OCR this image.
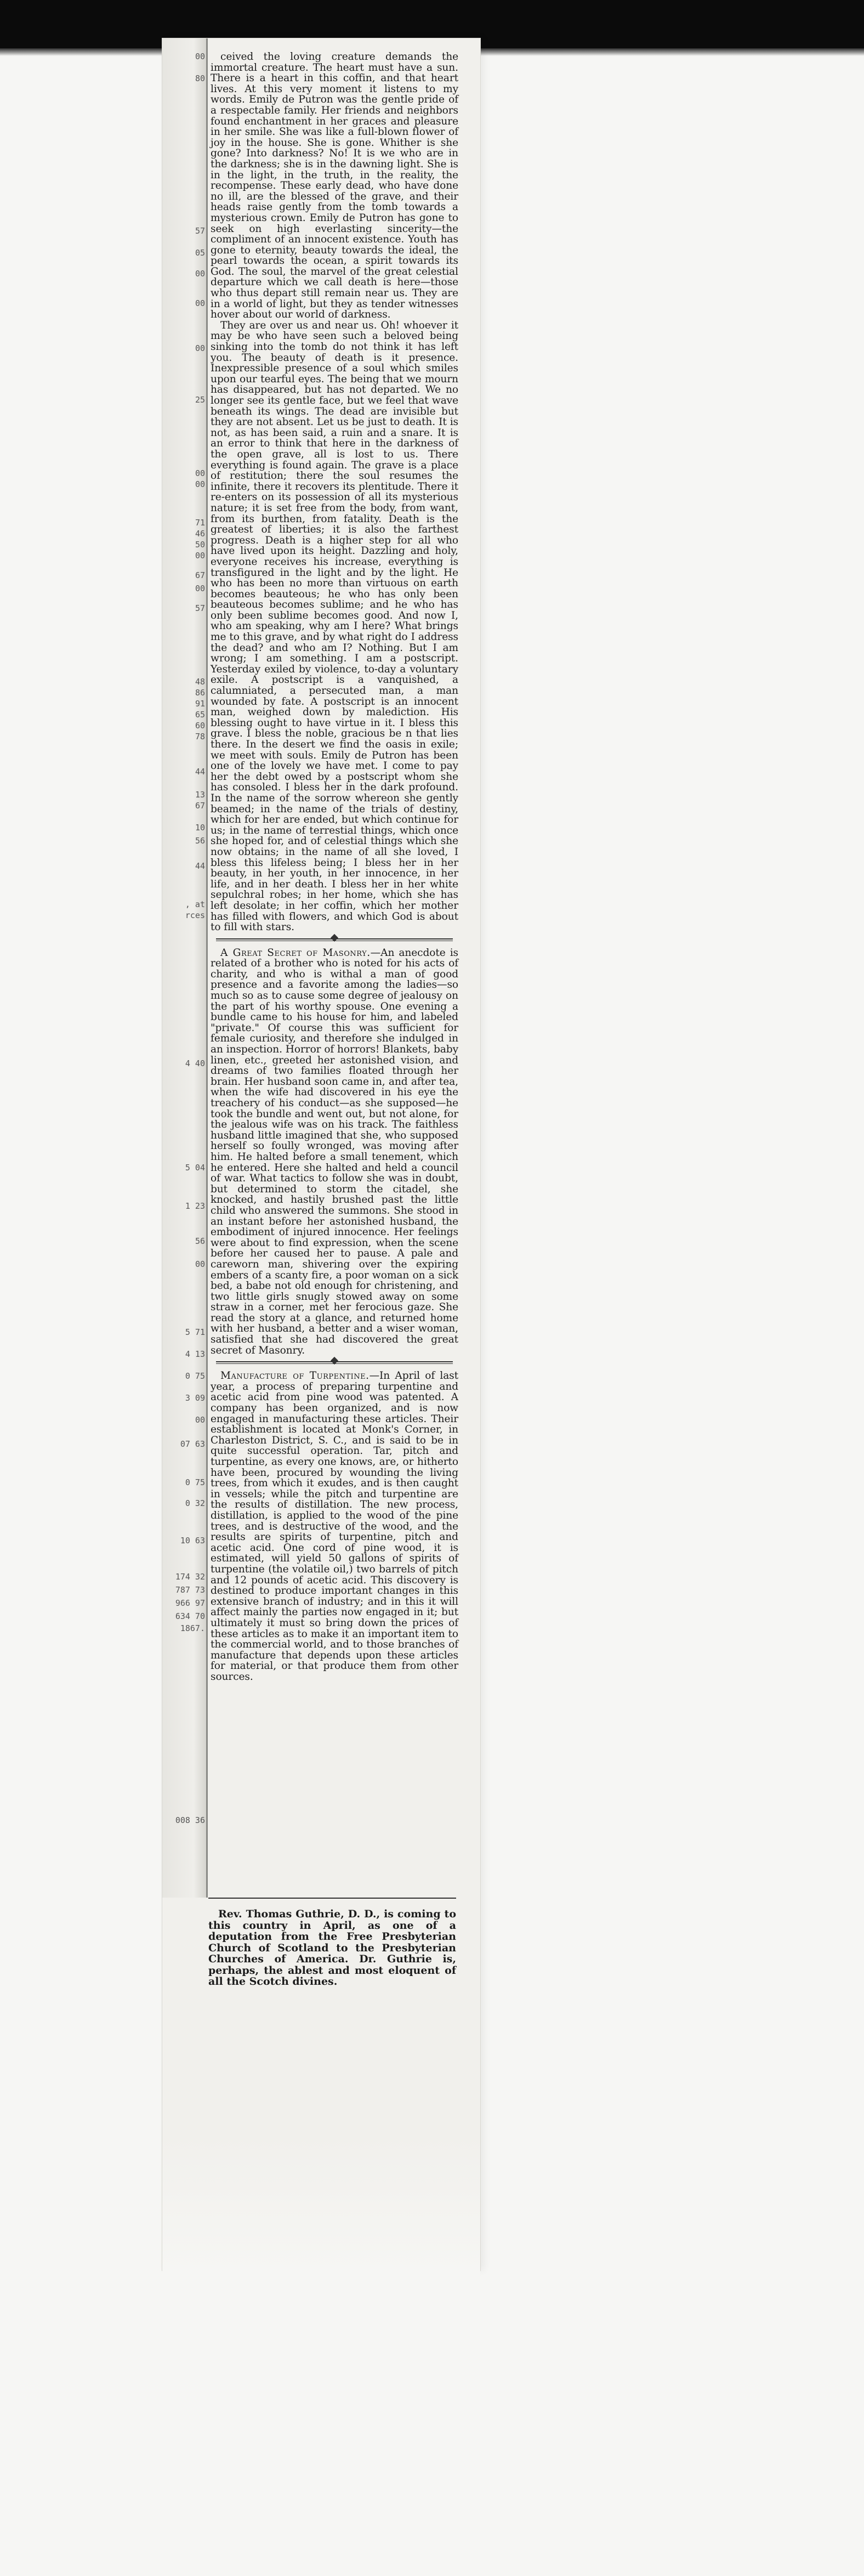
00
80
57
05
00
00
00
25
00
00
71
46
50
00
67
00
57
48
86
91
65
60
78
44
13
67
10
56
44
, at
rces
4 40
5 04
1 23
56
00
5 71
4 13
0 75
3 09
00
07 63
0 75
0 32
10 63
174 32
787 73
966 97
634 70
1867.
008 36

ceived the loving creature demands the immortal creature. The heart must have a sun. There is a heart in this coffin, and that heart lives. At this very moment it listens to my words. Emily de Putron was the gentle pride of a respectable family. Her friends and neighbors found enchantment in her graces and pleasure in her smile. She was like a full-blown flower of joy in the house. She is gone. Whither is she gone? Into darkness? No! It is we who are in the darkness; she is in the dawning light. She is in the light, in the truth, in the reality, the recompense. These early dead, who have done no ill, are the blessed of the grave, and their heads raise gently from the tomb towards a mysterious crown. Emily de Putron has gone to seek on high everlasting sincerity—the compliment of an innocent existence. Youth has gone to eternity, beauty towards the ideal, the pearl towards the ocean, a spirit towards its God. The soul, the marvel of the great celestial departure which we call death is here—those who thus depart still remain near us. They are in a world of light, but they as tender witnesses hover about our world of darkness.

They are over us and near us. Oh! whoever it may be who have seen such a beloved being sinking into the tomb do not think it has left you. The beauty of death is it presence. Inexpressible presence of a soul which smiles upon our tearful eyes. The being that we mourn has disappeared, but has not departed. We no longer see its gentle face, but we feel that wave beneath its wings. The dead are invisible but they are not absent. Let us be just to death. It is not, as has been said, a ruin and a snare. It is an error to think that here in the darkness of the open grave, all is lost to us. There everything is found again. The grave is a place of restitution; there the soul resumes the infinite, there it recovers its plentitude. There it re-enters on its possession of all its mysterious nature; it is set free from the body, from want, from its burthen, from fatality. Death is the greatest of liberties; it is also the farthest progress. Death is a higher step for all who have lived upon its height. Dazzling and holy, everyone receives his increase, everything is transfigured in the light and by the light. He who has been no more than virtuous on earth becomes beauteous; he who has only been beauteous becomes sublime; and he who has only been sublime becomes good. And now I, who am speaking, why am I here? What brings me to this grave, and by what right do I address the dead? and who am I? Nothing. But I am wrong; I am something. I am a postscript. Yesterday exiled by violence, to-day a voluntary exile. A postscript is a vanquished, a calumniated, a persecuted man, a man wounded by fate. A postscript is an innocent man, weighed down by malediction. His blessing ought to have virtue in it. I bless this grave. I bless the noble, gracious be n that lies there. In the desert we find the oasis in exile; we meet with souls. Emily de Putron has been one of the lovely we have met. I come to pay her the debt owed by a postscript whom she has consoled. I bless her in the dark profound. In the name of the sorrow whereon she gently beamed; in the name of the trials of destiny, which for her are ended, but which continue for us; in the name of terrestial things, which once she hoped for, and of celestial things which she now obtains; in the name of all she loved, I bless this lifeless being; I bless her in her beauty, in her youth, in her innocence, in her life, and in her death. I bless her in her white sepulchral robes; in her home, which she has left desolate; in her coffin, which her mother has filled with flowers, and which God is about to fill with stars.

A Great Secret of Masonry.—An anecdote is related of a brother who is noted for his acts of charity, and who is withal a man of good presence and a favorite among the ladies—so much so as to cause some degree of jealousy on the part of his worthy spouse. One evening a bundle came to his house for him, and labeled "private." Of course this was sufficient for female curiosity, and therefore she indulged in an inspection. Horror of horrors! Blankets, baby linen, etc., greeted her astonished vision, and dreams of two families floated through her brain. Her husband soon came in, and after tea, when the wife had discovered in his eye the treachery of his conduct—as she supposed—he took the bundle and went out, but not alone, for the jealous wife was on his track. The faithless husband little imagined that she, who supposed herself so foully wronged, was moving after him. He halted before a small tenement, which he entered. Here she halted and held a council of war. What tactics to follow she was in doubt, but determined to storm the citadel, she knocked, and hastily brushed past the little child who answered the summons. She stood in an instant before her astonished husband, the embodiment of injured innocence. Her feelings were about to find expression, when the scene before her caused her to pause. A pale and careworn man, shivering over the expiring embers of a scanty fire, a poor woman on a sick bed, a babe not old enough for christening, and two little girls snugly stowed away on some straw in a corner, met her ferocious gaze. She read the story at a glance, and returned home with her husband, a better and a wiser woman, satisfied that she had discovered the great secret of Masonry.

Manufacture of Turpentine.—In April of last year, a process of preparing turpentine and acetic acid from pine wood was patented. A company has been organized, and is now engaged in manufacturing these articles. Their establishment is located at Monk's Corner, in Charleston District, S. C., and is said to be in quite successful operation. Tar, pitch and turpentine, as every one knows, are, or hitherto have been, procured by wounding the living trees, from which it exudes, and is then caught in vessels; while the pitch and turpentine are the results of distillation. The new process, distillation, is applied to the wood of the pine trees, and is destructive of the wood, and the results are spirits of turpentine, pitch and acetic acid. One cord of pine wood, it is estimated, will yield 50 gallons of spirits of turpentine (the volatile oil,) two barrels of pitch and 12 pounds of acetic acid. This discovery is destined to produce important changes in this extensive branch of industry; and in this it will affect mainly the parties now engaged in it; but ultimately it must so bring down the prices of these articles as to make it an important item to the commercial world, and to those branches of manufacture that depends upon these articles for material, or that produce them from other sources.

Rev. Thomas Guthrie, D. D., is coming to this country in April, as one of a deputation from the Free Presbyterian Church of Scotland to the Presbyterian Churches of America. Dr. Guthrie is, perhaps, the ablest and most eloquent of all the Scotch divines.
